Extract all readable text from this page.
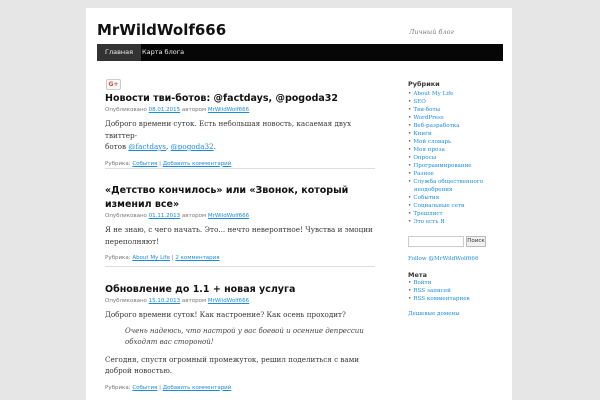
MrWildWolf666	Личный блог
Главная	Карта блога
G+
Новости тви-ботов: @factdays, @pogoda32
Опубликовано 08.01.2015 автором MrWildWolf666
Доброго времени суток. Есть небольшая новость, касаемая двух твиттер-
ботов @factdays, @pogoda32.
Рубрика: События | Добавить комментарий
«Детство кончилось» или «Звонок, который изменил все»
Опубликовано 01.11.2013 автором MrWildWolf666
Я не знаю, с чего начать. Это... нечто невероятное! Чувства и эмоции переполняют!
Рубрика: About My Life | 2 комментария
Обновление до 1.1 + новая услуга
Опубликовано 15.10.2013 автором MrWildWolf666
Доброго времени суток! Как настроение? Как осень проходит?
Очень надеюсь, что настрой у вас боевой и осенние депрессии обходят вас стороной!
Сегодня, спустя огромный промежуток, решил поделиться с вами доброй новостью.
Рубрика: События | Добавить комментарий
Рубрики
• About My Life
• SEO
• Тви-боты
• WordPress
• Веб-разработка
• Книги
• Мой словарь
• Моя проза
• Опросы
• Программирование
• Разное
• Служба общественного
неодобрения
• События
• Социальные сети
• Трешлист
• Это есть Я
Поиск
Follow @MrWildWolf666
Мета
• Войти
• RSS записей
• RSS комментариев
Дешевые домены
